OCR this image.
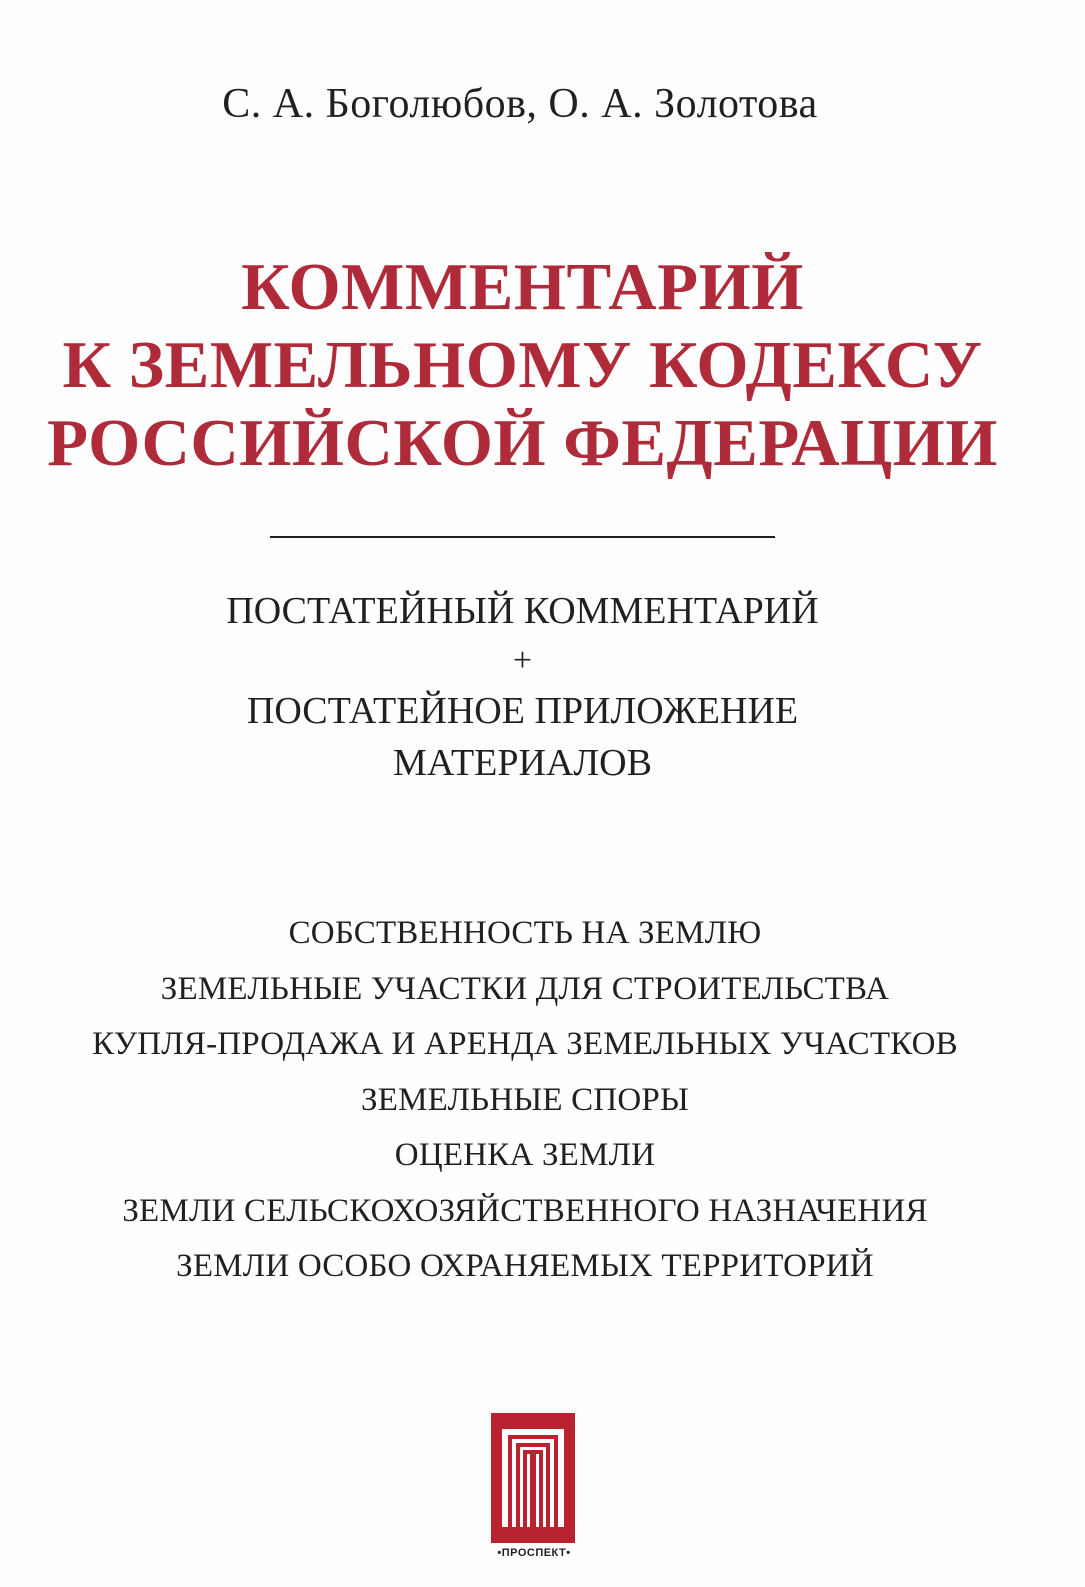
С. А. Боголюбов, О. А. Золотова
КОММЕНТАРИЙ
К ЗЕМЕЛЬНОМУ КОДЕКСУ
РОССИЙСКОЙ ФЕДЕРАЦИИ
ПОСТАТЕЙНЫЙ КОММЕНТАРИЙ
+
ПОСТАТЕЙНОЕ ПРИЛОЖЕНИЕ
МАТЕРИАЛОВ
СОБСТВЕННОСТЬ НА ЗЕМЛЮ
ЗЕМЕЛЬНЫЕ УЧАСТКИ ДЛЯ СТРОИТЕЛЬСТВА
КУПЛЯ-ПРОДАЖА И АРЕНДА ЗЕМЕЛЬНЫХ УЧАСТКОВ
ЗЕМЕЛЬНЫЕ СПОРЫ
ОЦЕНКА ЗЕМЛИ
ЗЕМЛИ СЕЛЬСКОХОЗЯЙСТВЕННОГО НАЗНАЧЕНИЯ
ЗЕМЛИ ОСОБО ОХРАНЯЕМЫХ ТЕРРИТОРИЙ
•ПРОСПЕКТ•
